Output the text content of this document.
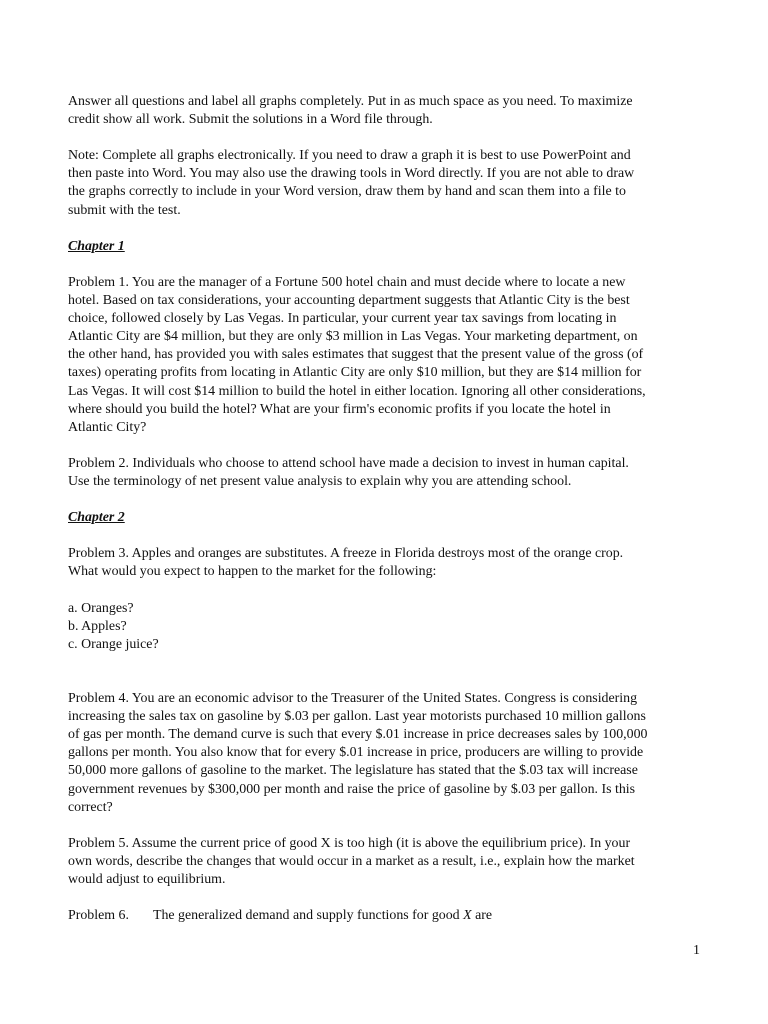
Answer all questions and label all graphs completely. Put in as much space as you need. To maximize
credit show all work. Submit the solutions in a Word file through.

Note: Complete all graphs electronically. If you need to draw a graph it is best to use PowerPoint and
then paste into Word. You may also use the drawing tools in Word directly. If you are not able to draw
the graphs correctly to include in your Word version, draw them by hand and scan them into a file to
submit with the test.

Chapter 1

Problem 1. You are the manager of a Fortune 500 hotel chain and must decide where to locate a new
hotel. Based on tax considerations, your accounting department suggests that Atlantic City is the best
choice, followed closely by Las Vegas. In particular, your current year tax savings from locating in
Atlantic City are $4 million, but they are only $3 million in Las Vegas. Your marketing department, on
the other hand, has provided you with sales estimates that suggest that the present value of the gross (of
taxes) operating profits from locating in Atlantic City are only $10 million, but they are $14 million for
Las Vegas. It will cost $14 million to build the hotel in either location. Ignoring all other considerations,
where should you build the hotel? What are your firm's economic profits if you locate the hotel in
Atlantic City?

Problem 2. Individuals who choose to attend school have made a decision to invest in human capital.
Use the terminology of net present value analysis to explain why you are attending school.

Chapter 2

Problem 3. Apples and oranges are substitutes. A freeze in Florida destroys most of the orange crop.
What would you expect to happen to the market for the following:

a. Oranges?
b. Apples?
c. Orange juice?

Problem 4. You are an economic advisor to the Treasurer of the United States. Congress is considering
increasing the sales tax on gasoline by $.03 per gallon. Last year motorists purchased 10 million gallons
of gas per month. The demand curve is such that every $.01 increase in price decreases sales by 100,000
gallons per month. You also know that for every $.01 increase in price, producers are willing to provide
50,000 more gallons of gasoline to the market. The legislature has stated that the $.03 tax will increase
government revenues by $300,000 per month and raise the price of gasoline by $.03 per gallon. Is this
correct?

Problem 5. Assume the current price of good X is too high (it is above the equilibrium price). In your
own words, describe the changes that would occur in a market as a result, i.e., explain how the market
would adjust to equilibrium.

Problem 6. The generalized demand and supply functions for good X are

1
